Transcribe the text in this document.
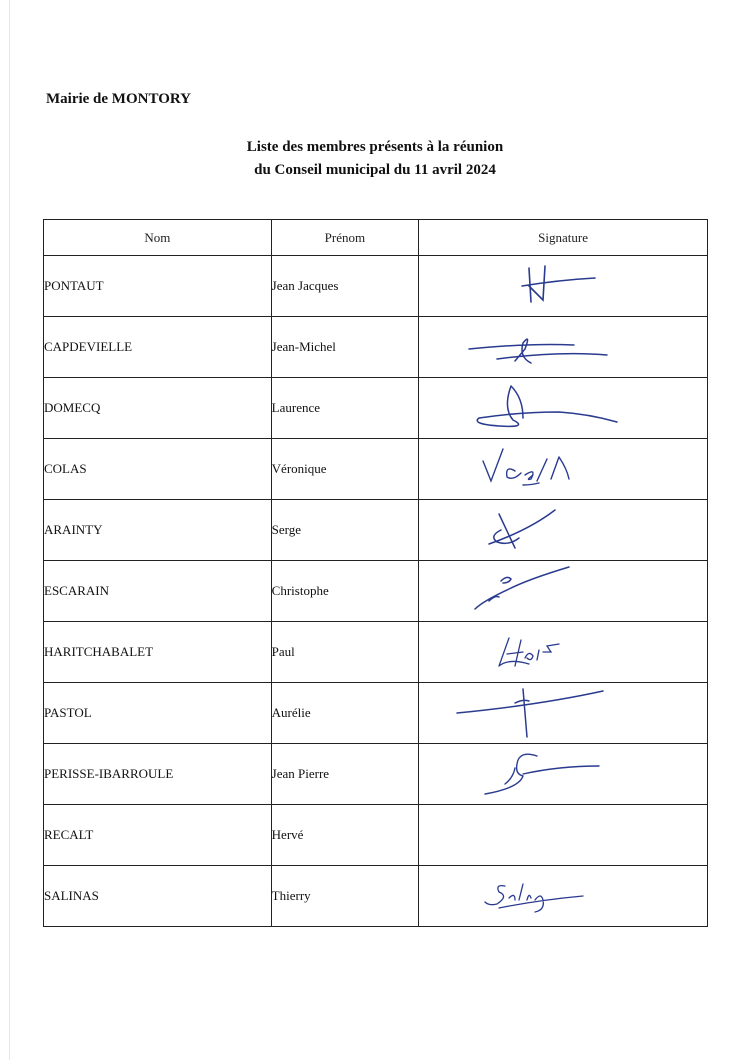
Mairie de MONTORY
Liste des membres présents à la réunion
du Conseil municipal du 11 avril 2024
Nom	Prénom	Signature
PONTAUT	Jean Jacques	

CAPDEVIELLE	Jean-Michel	

DOMECQ	Laurence	

COLAS	Véronique	

ARAINTY	Serge	

ESCARAIN	Christophe	

HARITCHABALET	Paul	

PASTOL	Aurélie	

PERISSE-IBARROULE	Jean Pierre	

RECALT	Hervé	
SALINAS	Thierry	
